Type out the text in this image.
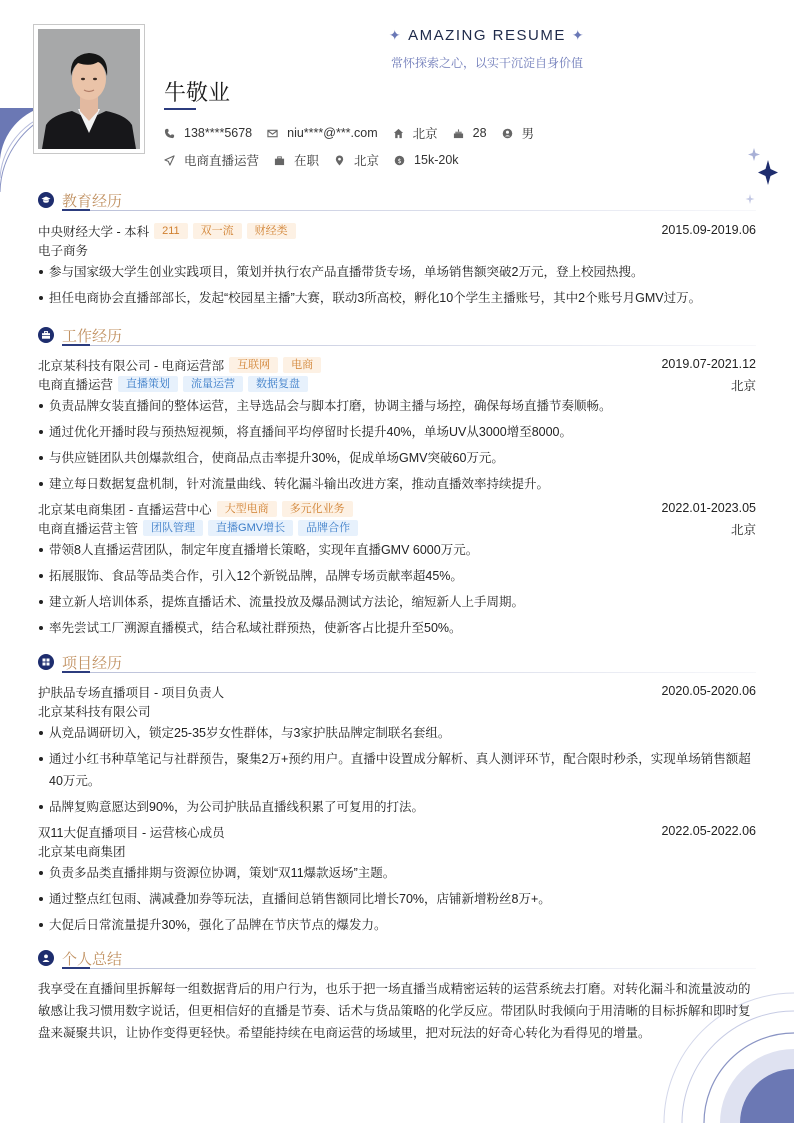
✦ AMAZING RESUME ✦
常怀探索之心，以实干沉淀自身价值
牛敬业
138****5678	niu****@***.com	北京	28	男
电商直播运营	在职	北京	$ 15k-20k
教育经历
中央财经大学 - 本科	211	双一流	财经类	2015.09-2019.06
电子商务
参与国家级大学生创业实践项目，策划并执行农产品直播带货专场，单场销售额突破2万元，登上校园热搜。
担任电商协会直播部部长，发起“校园星主播”大赛，联动3所高校，孵化10个学生主播账号，其中2个账号月GMV过万。
工作经历
北京某科技有限公司 - 电商运营部	互联网	电商	2019.07-2021.12
电商直播运营	直播策划	流量运营	数据复盘	北京
负责品牌女装直播间的整体运营，主导选品会与脚本打磨，协调主播与场控，确保每场直播节奏顺畅。
通过优化开播时段与预热短视频，将直播间平均停留时长提升40%，单场UV从3000增至8000。
与供应链团队共创爆款组合，使商品点击率提升30%，促成单场GMV突破60万元。
建立每日数据复盘机制，针对流量曲线、转化漏斗输出改进方案，推动直播效率持续提升。
北京某电商集团 - 直播运营中心	大型电商	多元化业务	2022.01-2023.05
电商直播运营主管	团队管理	直播GMV增长	品牌合作	北京
带领8人直播运营团队，制定年度直播增长策略，实现年直播GMV 6000万元。
拓展服饰、食品等品类合作，引入12个新锐品牌，品牌专场贡献率超45%。
建立新人培训体系，提炼直播话术、流量投放及爆品测试方法论，缩短新人上手周期。
率先尝试工厂溯源直播模式，结合私域社群预热，使新客占比提升至50%。
项目经历
护肤品专场直播项目 - 项目负责人	2020.05-2020.06
北京某科技有限公司
从竞品调研切入，锁定25-35岁女性群体，与3家护肤品牌定制联名套组。
通过小红书种草笔记与社群预告，聚集2万+预约用户。直播中设置成分解析、真人测评环节，配合限时秒杀，实现单场销售额超40万元。
品牌复购意愿达到90%，为公司护肤品直播线积累了可复用的打法。
双11大促直播项目 - 运营核心成员	2022.05-2022.06
北京某电商集团
负责多品类直播排期与资源位协调，策划“双11爆款返场”主题。
通过整点红包雨、满减叠加券等玩法，直播间总销售额同比增长70%，店铺新增粉丝8万+。
大促后日常流量提升30%，强化了品牌在节庆节点的爆发力。
个人总结

我享受在直播间里拆解每一组数据背后的用户行为，也乐于把一场直播当成精密运转的运营系统去打磨。对转化漏斗和流量波动的敏感让我习惯用数字说话，但更相信好的直播是节奏、话术与货品策略的化学反应。带团队时我倾向于用清晰的目标拆解和即时复盘来凝聚共识，让协作变得更轻快。希望能持续在电商运营的场域里，把对玩法的好奇心转化为看得见的增量。
